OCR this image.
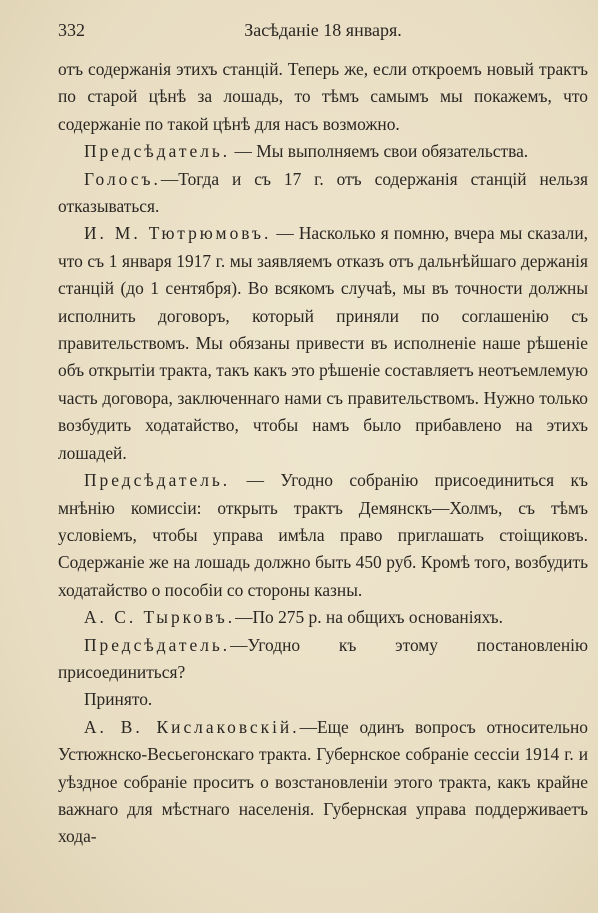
332	Засѣданіе 18 января.

отъ содержанія этихъ станцій. Теперь же, если откроемъ новый трактъ по старой цѣнѣ за лошадь, то тѣмъ самымъ мы покажемъ, что содержаніе по такой цѣнѣ для насъ возможно.

Предсѣдатель. — Мы выполняемъ свои обязательства.

Голосъ.—Тогда и съ 17 г. отъ содержанія станцій нельзя отказываться.

И. М. Тютрюмовъ. — Насколько я помню, вчера мы сказали, что съ 1 января 1917 г. мы заявляемъ отказъ отъ дальнѣйшаго держанія станцій (до 1 сентября). Во всякомъ случаѣ, мы въ точности должны исполнить договоръ, который приняли по соглашенію съ правительствомъ. Мы обязаны привести въ исполненіе наше рѣшеніе объ открытіи тракта, такъ какъ это рѣшеніе составляетъ неотъемлемую часть договора, заключеннаго нами съ правительствомъ. Нужно только возбудить ходатайство, чтобы намъ было прибавлено на этихъ лошадей.

Предсѣдатель. — Угодно собранію присоединиться къ мнѣнію комиссіи: открыть трактъ Демянскъ—Холмъ, съ тѣмъ условіемъ, чтобы управа имѣла право приглашать стоіщиковъ. Содержаніе же на лошадь должно быть 450 руб. Кромѣ того, возбудить ходатайство о пособіи со стороны казны.

А. С. Тырковъ.—По 275 р. на общихъ основаніяхъ.

Предсѣдатель.—Угодно къ этому постановленію присоединиться?

Принято.

А. В. Кислаковскій.—Еще одинъ вопросъ относительно Устюжнско-Весьегонскаго тракта. Губернское собраніе сессіи 1914 г. и уѣздное собраніе проситъ о возстановленіи этого тракта, какъ крайне важнаго для мѣстнаго населенія. Губернская управа поддерживаетъ хода-
